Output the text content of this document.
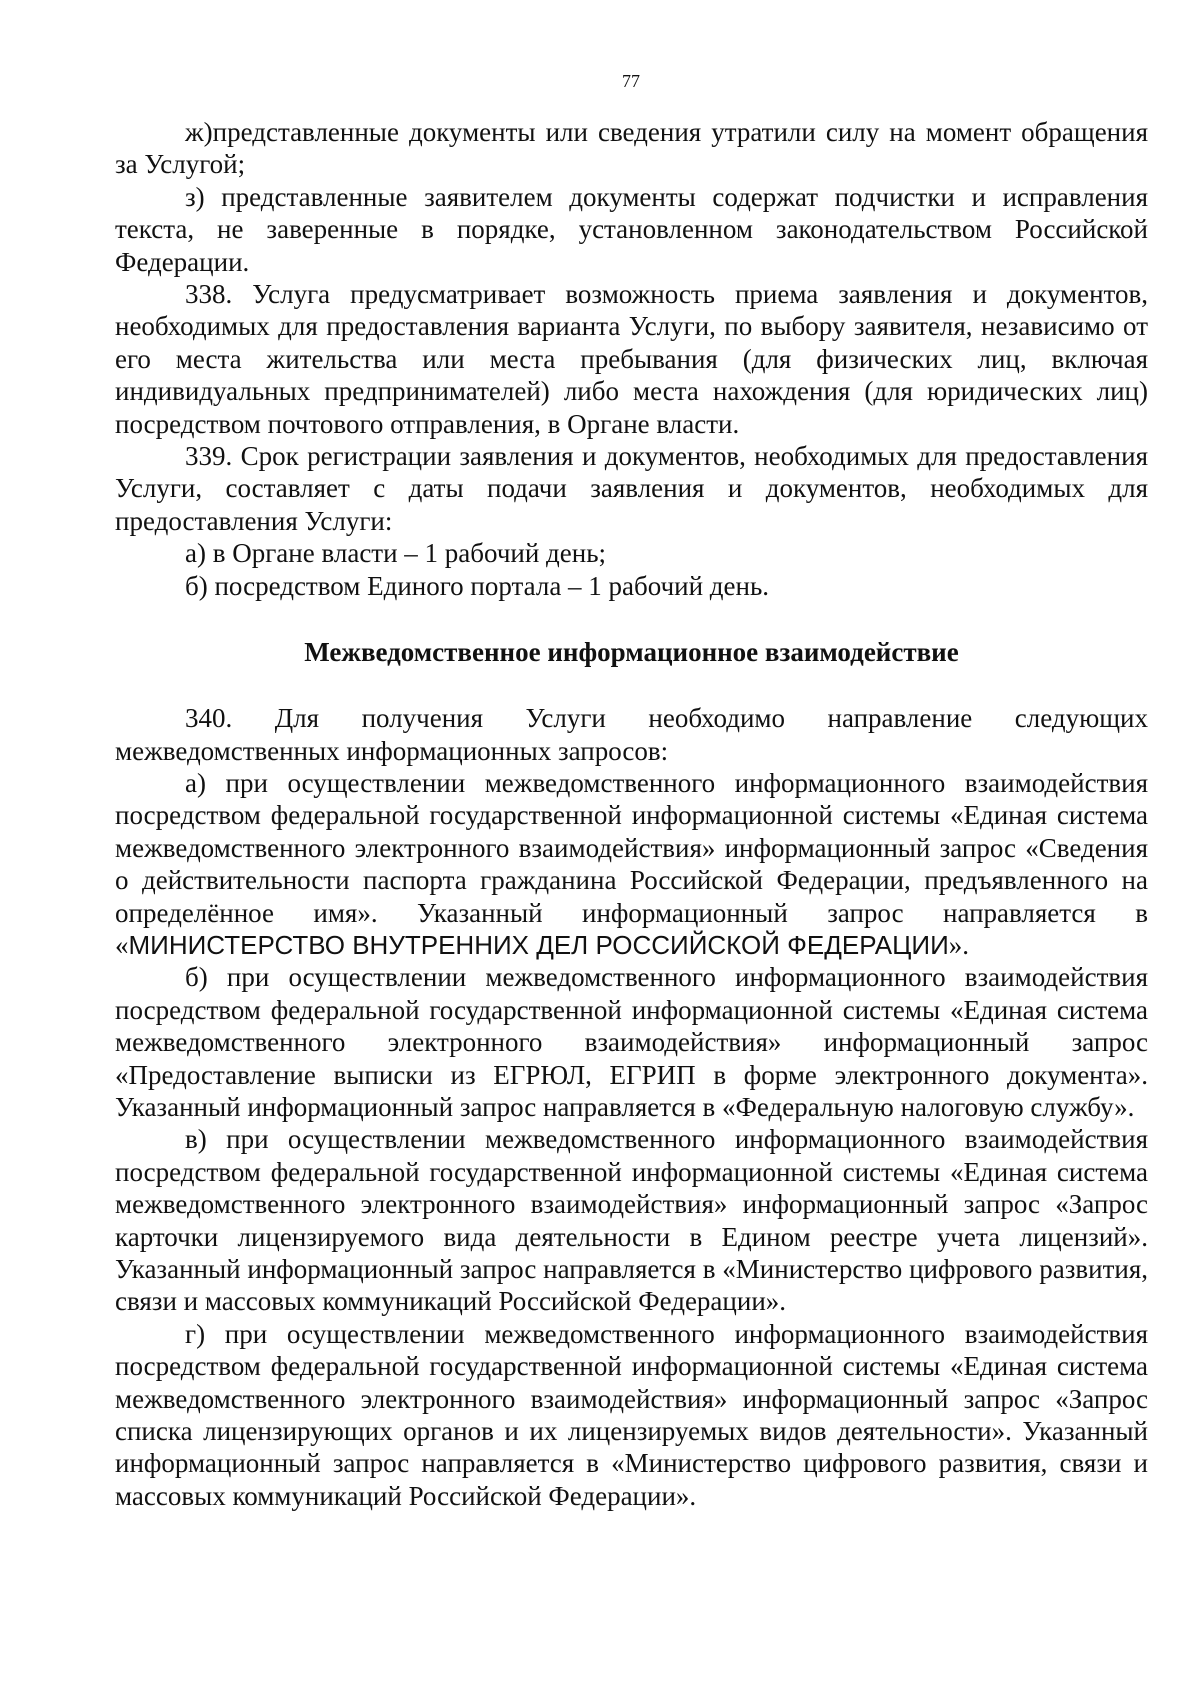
77

ж)представленные документы или сведения утратили силу на момент обращения за Услугой;

з) представленные заявителем документы содержат подчистки и исправления текста, не заверенные в порядке, установленном законодательством Российской Федерации.

338. Услуга предусматривает возможность приема заявления и документов, необходимых для предоставления варианта Услуги, по выбору заявителя, независимо от его места жительства или места пребывания (для физических лиц, включая индивидуальных предпринимателей) либо места нахождения (для юридических лиц) посредством почтового отправления, в Органе власти.

339. Срок регистрации заявления и документов, необходимых для предоставления Услуги, составляет с даты подачи заявления и документов, необходимых для предоставления Услуги:

а) в Органе власти – 1 рабочий день;

б) посредством Единого портала – 1 рабочий день.

Межведомственное информационное взаимодействие

340. Для получения Услуги необходимо направление следующих межведомственных информационных запросов:

а) при осуществлении межведомственного информационного взаимодействия посредством федеральной государственной информационной системы «Единая система межведомственного электронного взаимодействия» информационный запрос «Сведения о действительности паспорта гражданина Российской Федерации, предъявленного на определённое имя». Указанный информационный запрос направляется в «МИНИСТЕРСТВО ВНУТРЕННИХ ДЕЛ РОССИЙСКОЙ ФЕДЕРАЦИИ».

б) при осуществлении межведомственного информационного взаимодействия посредством федеральной государственной информационной системы «Единая система межведомственного электронного взаимодействия» информационный запрос «Предоставление выписки из ЕГРЮЛ, ЕГРИП в форме электронного документа». Указанный информационный запрос направляется в «Федеральную налоговую службу».

в) при осуществлении межведомственного информационного взаимодействия посредством федеральной государственной информационной системы «Единая система межведомственного электронного взаимодействия» информационный запрос «Запрос карточки лицензируемого вида деятельности в Едином реестре учета лицензий». Указанный информационный запрос направляется в «Министерство цифрового развития, связи и массовых коммуникаций Российской Федерации».

г) при осуществлении межведомственного информационного взаимодействия посредством федеральной государственной информационной системы «Единая система межведомственного электронного взаимодействия» информационный запрос «Запрос списка лицензирующих органов и их лицензируемых видов деятельности». Указанный информационный запрос направляется в «Министерство цифрового развития, связи и массовых коммуникаций Российской Федерации».
